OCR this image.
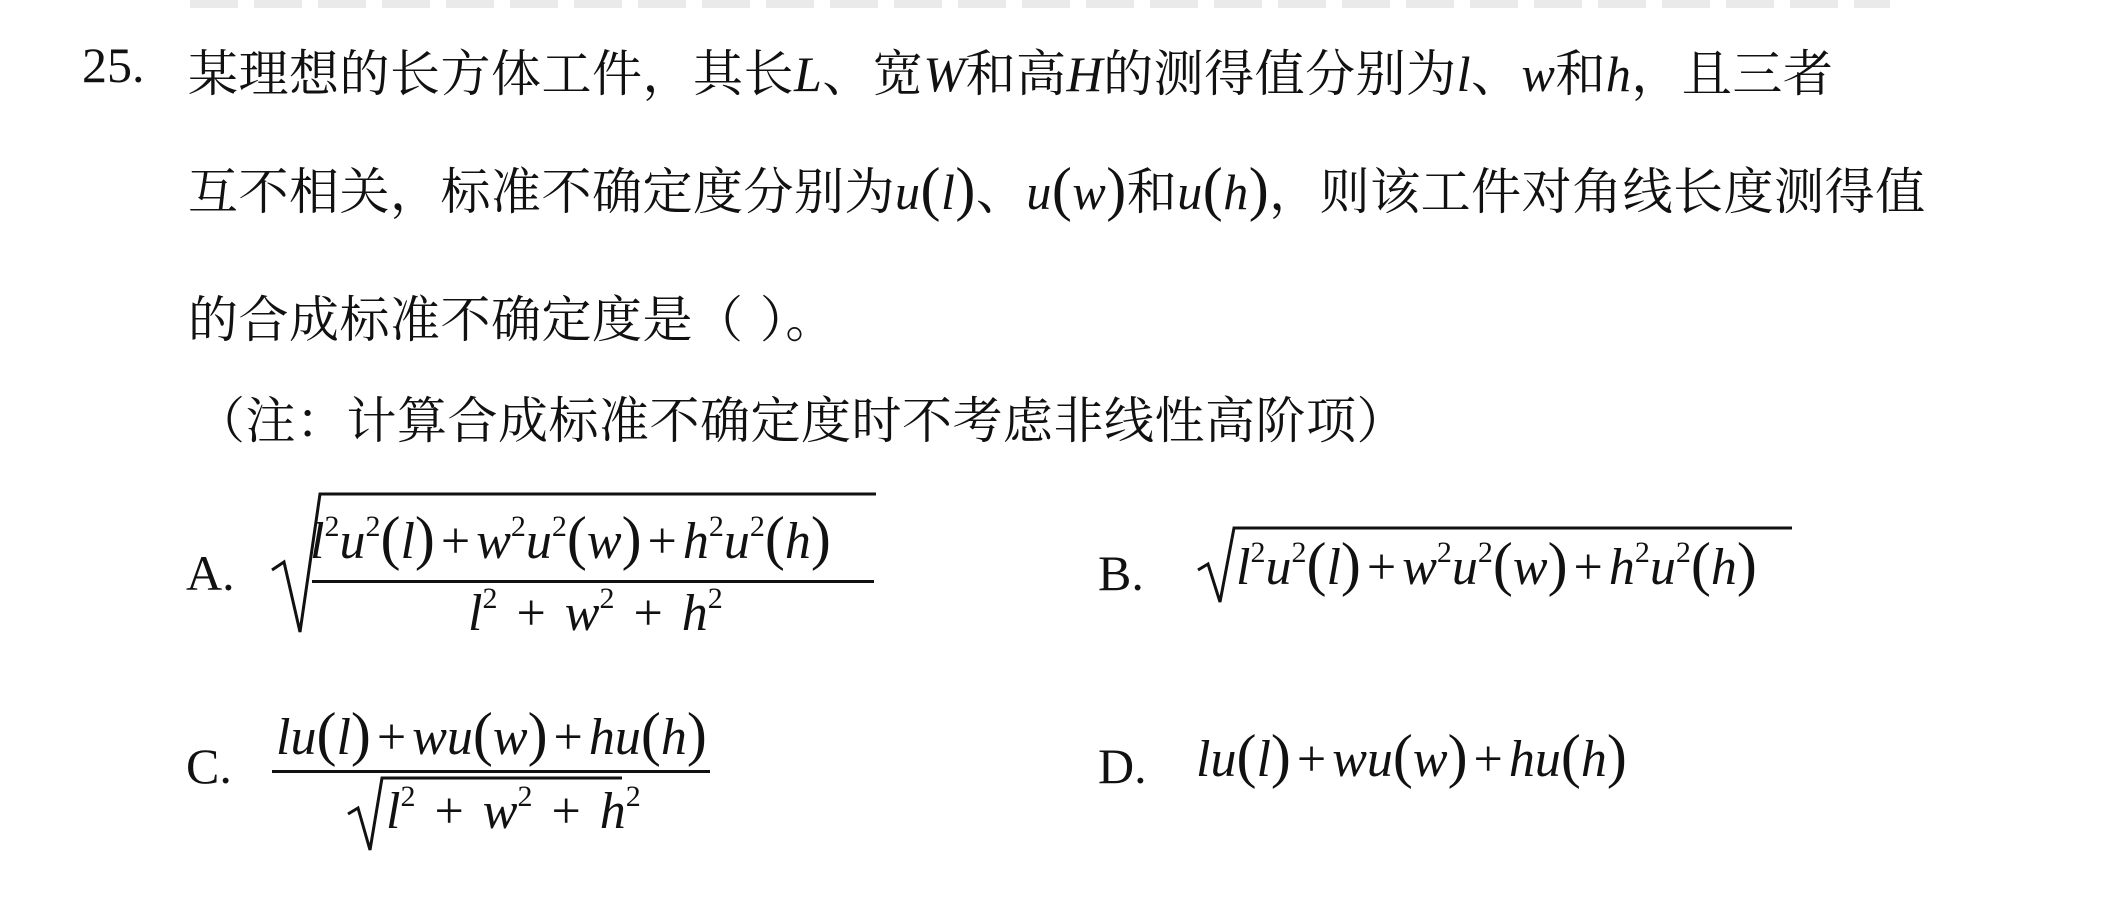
25. 某理想的长方体工件，其长L、宽W和高H的测得值分别为l、w和h，且三者
互不相关，标准不确定度分别为u(l)、u(w)和u(h)，则该工件对角线长度测得值
的合成标准不确定度是（ ）。
（注：计算合成标准不确定度时不考虑非线性高阶项）
A.
$l^2u^2(l) + w^2u^2(w) + h^2u^2(h)$
$l^2 + w^2 + h^2$	B. $l^2u^2(l) + w^2u^2(w) + h^2u^2(h)$
C. lu(l) + wu(w) + hu(h)
$l^2 + w^2 + h^2$
D. lu(l) + wu(w) + hu(h)
